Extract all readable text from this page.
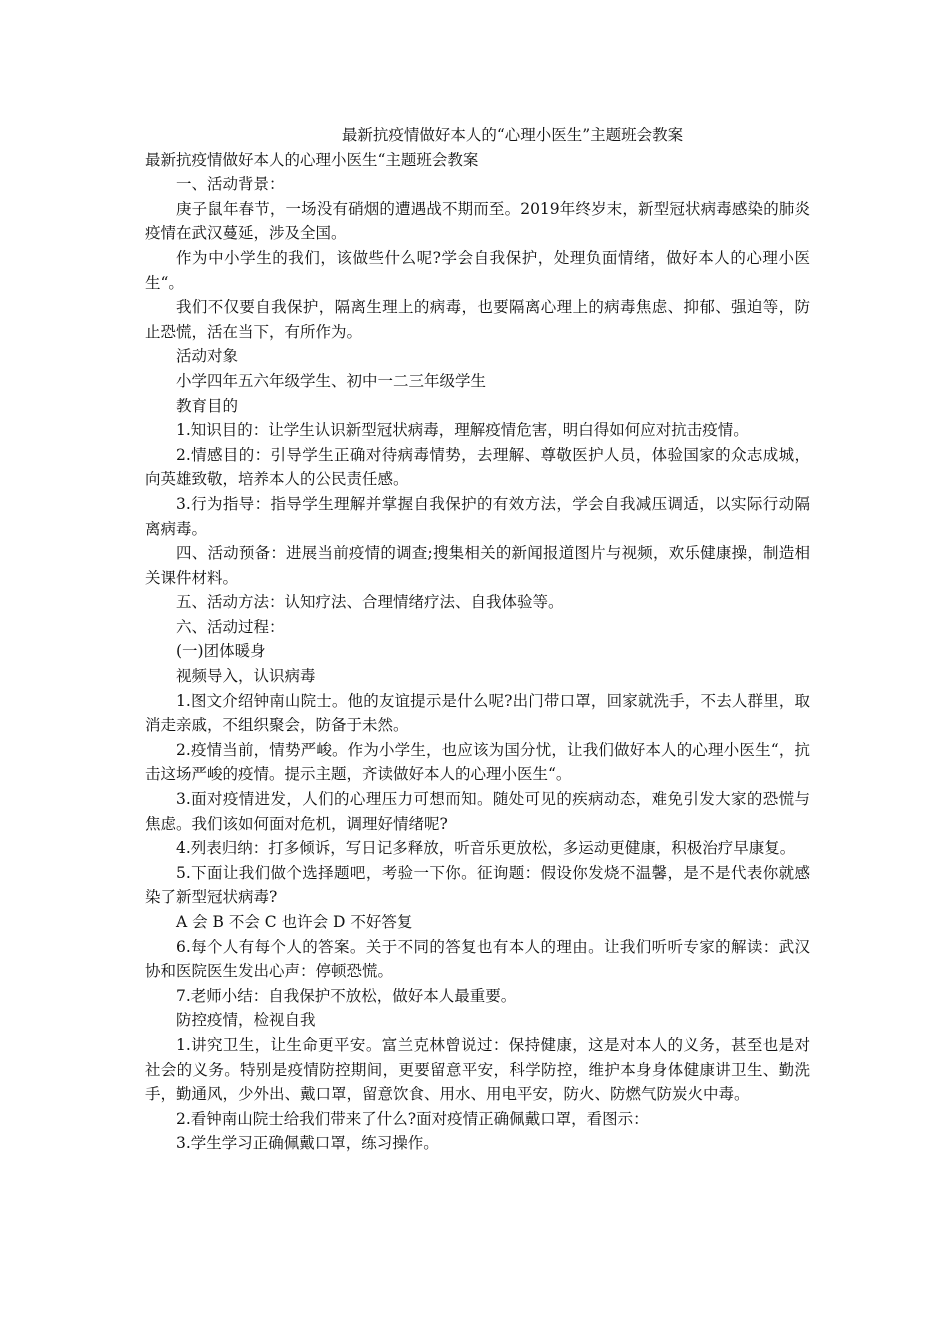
最新抗疫情做好本人的“心理小医生”主题班会教案
最新抗疫情做好本人的心理小医生“主题班会教案

一、活动背景：

庚子鼠年春节，一场没有硝烟的遭遇战不期而至。2019年终岁末，新型冠状病毒感染的肺炎疫情在武汉蔓延，涉及全国。

作为中小学生的我们，该做些什么呢?学会自我保护，处理负面情绪，做好本人的心理小医生“。

我们不仅要自我保护，隔离生理上的病毒，也要隔离心理上的病毒焦虑、抑郁、强迫等，防止恐慌，活在当下，有所作为。

活动对象

小学四年五六年级学生、初中一二三年级学生

教育目的

1.知识目的：让学生认识新型冠状病毒，理解疫情危害，明白得如何应对抗击疫情。

2.情感目的：引导学生正确对待病毒情势，去理解、尊敬医护人员，体验国家的众志成城，向英雄致敬，培养本人的公民责任感。

3.行为指导：指导学生理解并掌握自我保护的有效方法，学会自我减压调适，以实际行动隔离病毒。

四、活动预备：进展当前疫情的调查;搜集相关的新闻报道图片与视频，欢乐健康操，制造相关课件材料。

五、活动方法：认知疗法、合理情绪疗法、自我体验等。

六、活动过程：

(一)团体暖身

视频导入，认识病毒

1.图文介绍钟南山院士。他的友谊提示是什么呢?出门带口罩，回家就洗手，不去人群里，取消走亲戚，不组织聚会，防备于未然。

2.疫情当前，情势严峻。作为小学生，也应该为国分忧，让我们做好本人的心理小医生“，抗击这场严峻的疫情。提示主题，齐读做好本人的心理小医生“。

3.面对疫情进发，人们的心理压力可想而知。随处可见的疾病动态，难免引发大家的恐慌与焦虑。我们该如何面对危机，调理好情绪呢?

4.列表归纳：打多倾诉，写日记多释放，听音乐更放松，多运动更健康，积极治疗早康复。

5.下面让我们做个选择题吧，考验一下你。征询题：假设你发烧不温馨，是不是代表你就感染了新型冠状病毒?

A 会 B 不会 C 也许会 D 不好答复

6.每个人有每个人的答案。关于不同的答复也有本人的理由。让我们听听专家的解读：武汉协和医院医生发出心声：停顿恐慌。

7.老师小结：自我保护不放松，做好本人最重要。

防控疫情，检视自我

1.讲究卫生，让生命更平安。富兰克林曾说过：保持健康，这是对本人的义务，甚至也是对社会的义务。特别是疫情防控期间，更要留意平安，科学防控，维护本身身体健康讲卫生、勤洗手，勤通风，少外出、戴口罩，留意饮食、用水、用电平安，防火、防燃气防炭火中毒。

2.看钟南山院士给我们带来了什么?面对疫情正确佩戴口罩，看图示：

3.学生学习正确佩戴口罩，练习操作。
